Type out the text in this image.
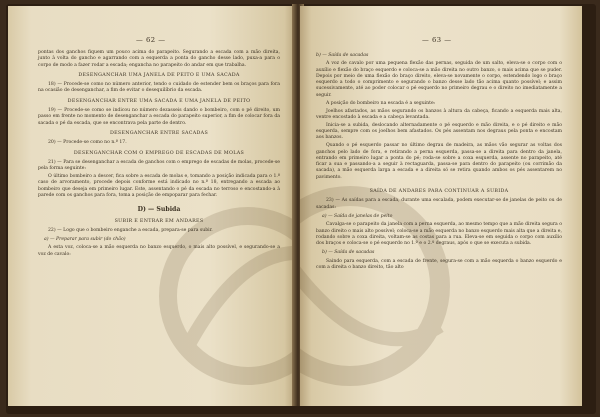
— 62 —

pontas dos ganchos fiquem um pouco acima do parapeito. Segurando a escada com a mão direita, junto à volta do gancho e agarrando com a esquerda a ponta do gancho desse lado, puxa-a para o corpo de modo a fazer rodar a escada; engancha no parapeito do andar em que trabalha.

DESENGANCHAR UMA JANELA DE PEITO E UMA SACADA

18) — Procede-se como no número anterior, tendo o cuidado de estender bem os braços para fora na ocasião de desenganchar, a fim de evitar o desequilíbrio da escada.

DESENGANCHAR ENTRE UMA SACADA E UMA JANELA DE PEITO

19) — Procede-se como se indicou no número dezasseis dando o bombeiro, com o pé direito, um passo em frente no momento de desenganchar a escada do parapeito superior, a fim de colocar fora da sacada o pé da escada, que se encontrava pela parte de dentro.

DESENGANCHAR ENTRE SACADAS

20) — Procede-se como no n.º 17.

DESENGANCHAR COM O EMPREGO DE ESCADAS DE MOLAS

21) — Para se desenganchar a escada de ganchos com o emprego de escadas de molas, procede-se pela forma seguinte:

O último bombeiro a descer, fica sobre a escada de molas e, tomando a posição indicada para o 1.º caso de arvoramento, procede depois conforme está indicado no n.º 18, entregando a escada ao bombeiro que deseja em primeiro lugar. Este, assentando o pé da escada no terroso e encostando-a à parede com os ganchos para fora, toma a posição de empoparar para fechar.

D) — Subida
SUBIR E ENTRAR EM ANDARES

22) — Logo que o bombeiro enganche a escada, prepara-se para subir.

a) — Preparar para subir (do chão)

A esta voz, coloca-se a mão esquerda no banzo esquerdo, o mais alto possível, e segurando-se a voz de cavalo:

— 63 —
b) — Saída de sacadas

A voz de cavalo por uma pequena flexão das pernas, seguida de um salto, eleva-se o corpo com o auxílio e flexão do braço esquerdo e coloca-se a mão direita no outro banzo, o mais acima que se puder. Depois por meio de uma flexão do braço direito, eleva-se novamente o corpo, estendendo logo o braço esquerdo a todo o comprimento e segurando o banzo desse lado tão acima quanto possível; e assim sucessivamente, até ao poder colocar o pé esquerdo no primeiro degrau e o direito no imediatamente a seguir.

A posição do bombeiro na escada é a seguinte:

Joelhos afastados, as mãos segurando os banzos à altura da cabeça, ficando a esquerda mais alta, ventre encostado à escada e a cabeça levantada.

Inicia-se a subida, deslocando alternadamente o pé esquerdo e mão direita, e o pé direito e mão esquerda, sempre com os joelhos bem afastados. Os pés assentam nos degraus pela ponta e encostam aos banzos.

Quando o pé esquerdo passar no último degrau de madeira, as mãos vão segurar as voltas dos ganchos pelo lado de fora, e retirando a perna esquerda, passa-se a direita para dentro da janela, entrando em primeiro lugar a ponta do pé; roda-se sobre a coxa esquerda, assente no parapeito, até ficar a sua e passando-a a seguir à rectaguarda, passa-se para dentro do parapeito (ou corrimão da sacada), a mão esquerda larga a escada e a direita só se retira quando ambos os pés assentarem no pavimento.

SAÍDA DE ANDARES PARA CONTINUAR A SUBIDA

23) — As saídas para a escada, durante uma escalada, podem executar-se de janelas de peito ou de sacadas:

a) — Saída de janelas de peito

Cavalga-se o parapeito da janela com a perna esquerda, ao mesmo tempo que a mão direita segura o banzo direito o mais alto possível; coloca-se a mão esquerda no banzo esquerdo mais alta que a direita e, rodando sobre a coxa direita, voltam-se as costas para a rua. Eleva-se em seguida o corpo com auxílio dos braços e coloca-se o pé esquerdo no 1.º e o 2.º degraus, após o que se executa a subida.

b) — Saída de sacadas

Saindo para esquerda, com a escada de frente, segura-se com a mão esquerda o banzo esquerdo e com a direita o banzo direito, tão alto
